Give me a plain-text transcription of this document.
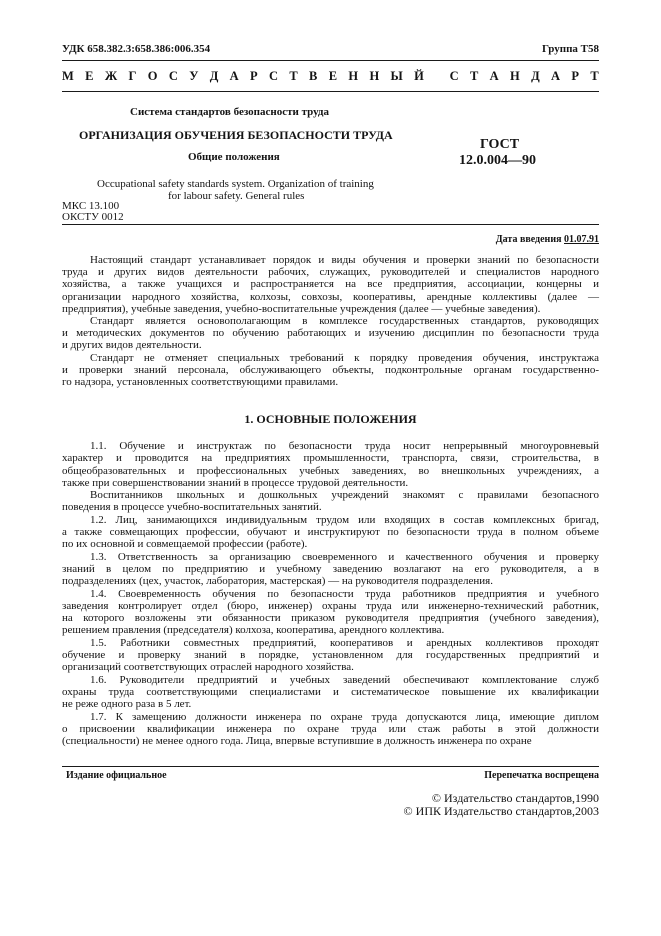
УДК 658.382.3:658.386:006.354	Группа Т58
М Е Ж Г О С У Д А Р С Т В Е Н Н Ы Й
С Т А Н Д А Р Т
Система стандартов безопасности труда
ОРГАНИЗАЦИЯ ОБУЧЕНИЯ БЕЗОПАСНОСТИ ТРУДА
Общие положения
ГОСТ
12.0.004—90
Occupational safety standards system. Organization of training
for labour safety. General rules
МКС 13.100
ОКСТУ 0012
Дата введения 01.07.91
Настоящий стандарт устанавливает порядок и виды обучения и проверки знаний по безопасности
труда и других видов деятельности рабочих, служащих, руководителей и специалистов народного
хозяйства, а также учащихся и распространяется на все предприятия, ассоциации, концерны и
организации народного хозяйства, колхозы, совхозы, кооперативы, арендные коллективы (далее —
предприятия), учебные заведения, учебно-воспитательные учреждения (далее — учебные заведения).
Стандарт является основополагающим в комплексе государственных стандартов, руководящих
и методических документов по обучению работающих и изучению дисциплин по безопасности труда
и других видов деятельности.
Стандарт не отменяет специальных требований к порядку проведения обучения, инструктажа
и проверки знаний персонала, обслуживающего объекты, подконтрольные органам государственно-
го надзора, установленных соответствующими правилами.
1. ОСНОВНЫЕ ПОЛОЖЕНИЯ
1.1. Обучение и инструктаж по безопасности труда носит непрерывный многоуровневый
характер и проводится на предприятиях промышленности, транспорта, связи, строительства, в
общеобразовательных и профессиональных учебных заведениях, во внешкольных учреждениях, а
также при совершенствовании знаний в процессе трудовой деятельности.
Воспитанников школьных и дошкольных учреждений знакомят с правилами безопасного
поведения в процессе учебно-воспитательных занятий.
1.2. Лиц, занимающихся индивидуальным трудом или входящих в состав комплексных бригад,
а также совмещающих профессии, обучают и инструктируют по безопасности труда в полном объеме
по их основной и совмещаемой профессии (работе).
1.3. Ответственность за организацию своевременного и качественного обучения и проверку
знаний в целом по предприятию и учебному заведению возлагают на его руководителя, а в
подразделениях (цех, участок, лаборатория, мастерская) — на руководителя подразделения.
1.4. Своевременность обучения по безопасности труда работников предприятия и учебного
заведения контролирует отдел (бюро, инженер) охраны труда или инженерно-технический работник,
на которого возложены эти обязанности приказом руководителя предприятия (учебного заведения),
решением правления (председателя) колхоза, кооператива, арендного коллектива.
1.5. Работники совместных предприятий, кооперативов и арендных коллективов проходят
обучение и проверку знаний в порядке, установленном для государственных предприятий и
организаций соответствующих отраслей народного хозяйства.
1.6. Руководители предприятий и учебных заведений обеспечивают комплектование служб
охраны труда соответствующими специалистами и систематическое повышение их квалификации
не реже одного раза в 5 лет.
1.7. К замещению должности инженера по охране труда допускаются лица, имеющие диплом
о присвоении квалификации инженера по охране труда или стаж работы в этой должности
(специальности) не менее одного года. Лица, впервые вступившие в должность инженера по охране
Издание официальное	Перепечатка воспрещена
© Издательство стандартов,1990
© ИПК Издательство стандартов,2003
